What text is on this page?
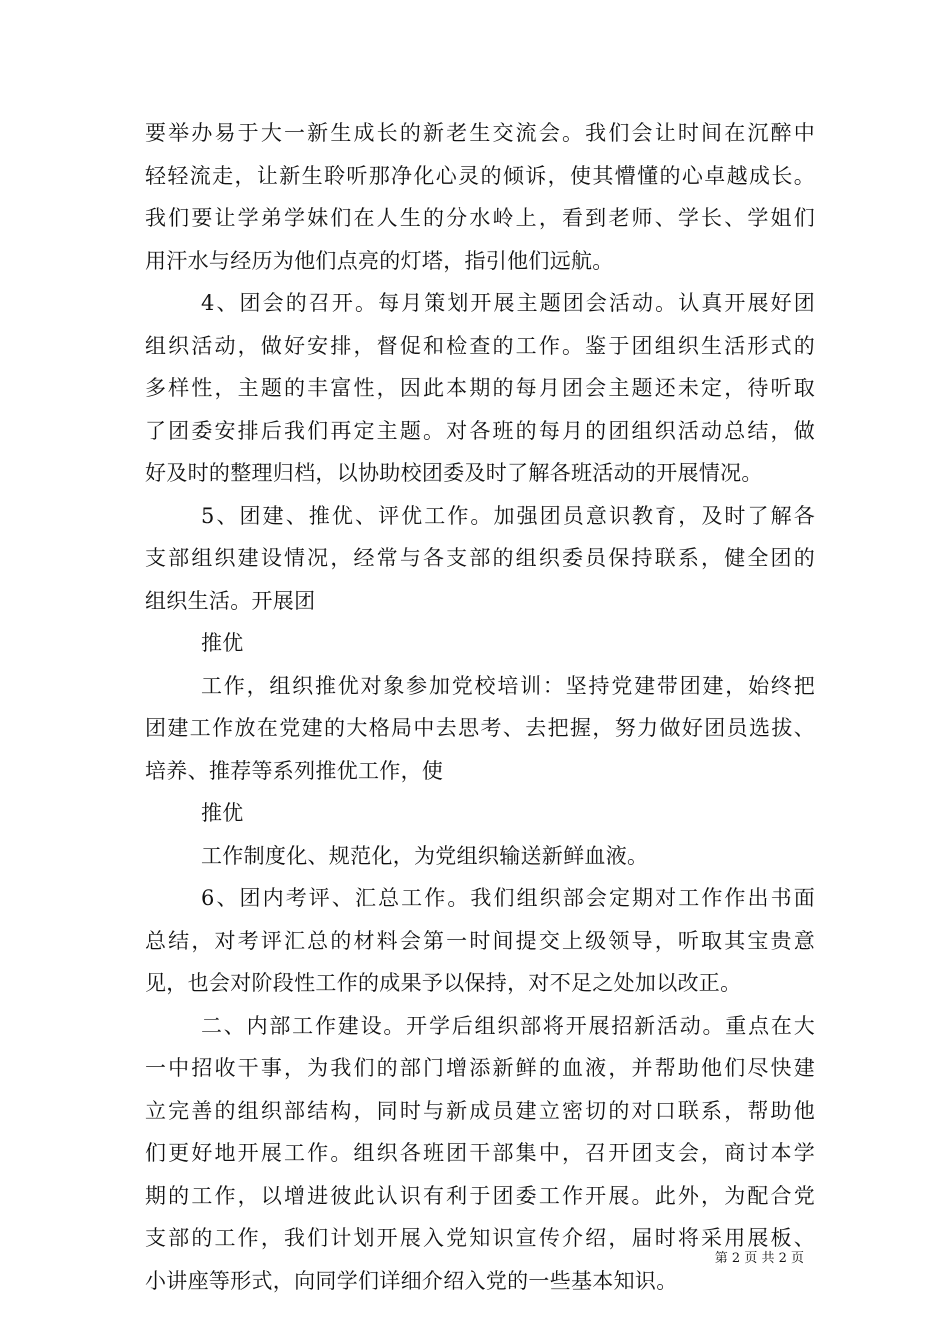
要举办易于大一新生成长的新老生交流会。我们会让时间在沉醉中
轻轻流走，让新生聆听那净化心灵的倾诉，使其懵懂的心卓越成长。
我们要让学弟学妹们在人生的分水岭上，看到老师、学长、学姐们
用汗水与经历为他们点亮的灯塔，指引他们远航。
4、团会的召开。每月策划开展主题团会活动。认真开展好团
组织活动，做好安排，督促和检查的工作。鉴于团组织生活形式的
多样性，主题的丰富性，因此本期的每月团会主题还未定，待听取
了团委安排后我们再定主题。对各班的每月的团组织活动总结，做
好及时的整理归档，以协助校团委及时了解各班活动的开展情况。
5、团建、推优、评优工作。加强团员意识教育，及时了解各
支部组织建设情况，经常与各支部的组织委员保持联系，健全团的
组织生活。开展团
推优
工作，组织推优对象参加党校培训：坚持党建带团建，始终把
团建工作放在党建的大格局中去思考、去把握，努力做好团员选拔、
培养、推荐等系列推优工作，使
推优
工作制度化、规范化，为党组织输送新鲜血液。
6、团内考评、汇总工作。我们组织部会定期对工作作出书面
总结，对考评汇总的材料会第一时间提交上级领导，听取其宝贵意
见，也会对阶段性工作的成果予以保持，对不足之处加以改正。
二、内部工作建设。开学后组织部将开展招新活动。重点在大
一中招收干事，为我们的部门增添新鲜的血液，并帮助他们尽快建
立完善的组织部结构，同时与新成员建立密切的对口联系，帮助他
们更好地开展工作。组织各班团干部集中，召开团支会，商讨本学
期的工作，以增进彼此认识有利于团委工作开展。此外，为配合党
支部的工作，我们计划开展入党知识宣传介绍，届时将采用展板、
小讲座等形式，向同学们详细介绍入党的一些基本知识。
第 2 页 共 2 页
